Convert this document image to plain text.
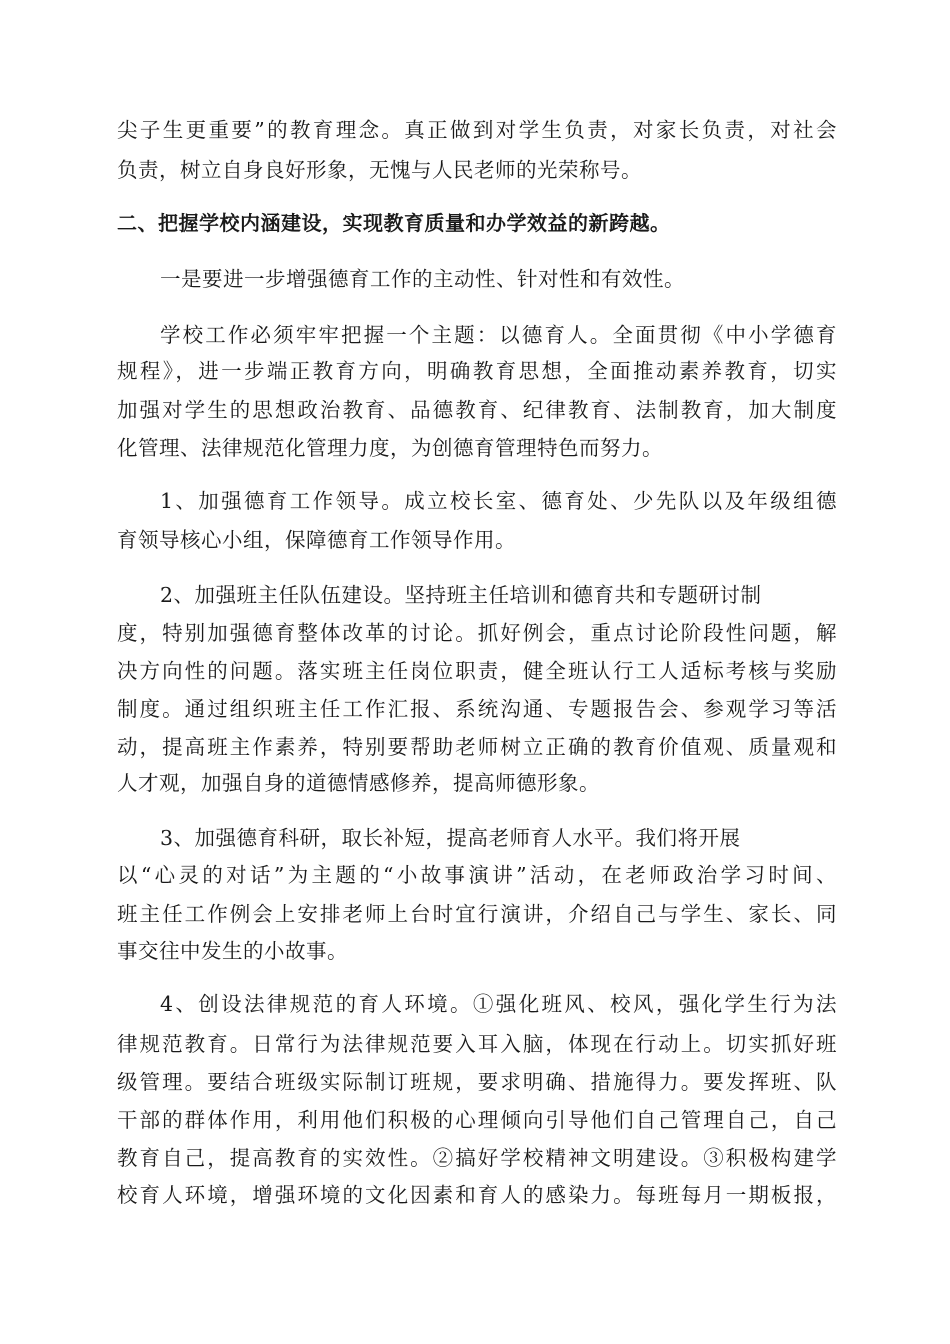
尖子生更重要”的教育理念。真正做到对学生负责，对家长负责，对社会

负责，树立自身良好形象，无愧与人民老师的光荣称号。

二、把握学校内涵建设，实现教育质量和办学效益的新跨越。

一是要进一步增强德育工作的主动性、针对性和有效性。

学校工作必须牢牢把握一个主题：以德育人。全面贯彻《中小学德育

规程》，进一步端正教育方向，明确教育思想，全面推动素养教育，切实

加强对学生的思想政治教育、品德教育、纪律教育、法制教育，加大制度

化管理、法律规范化管理力度，为创德育管理特色而努力。

1、加强德育工作领导。成立校长室、德育处、少先队以及年级组德

育领导核心小组，保障德育工作领导作用。

2、加强班主任队伍建设。坚持班主任培训和德育共和专题研讨制

度，特别加强德育整体改革的讨论。抓好例会，重点讨论阶段性问题，解

决方向性的问题。落实班主任岗位职责，健全班认行工人适标考核与奖励

制度。通过组织班主任工作汇报、系统沟通、专题报告会、参观学习等活

动，提高班主作素养，特别要帮助老师树立正确的教育价值观、质量观和

人才观，加强自身的道德情感修养，提高师德形象。

3、加强德育科研，取长补短，提高老师育人水平。我们将开展

以“心灵的对话”为主题的“小故事演讲”活动，在老师政治学习时间、

班主任工作例会上安排老师上台时宜行演讲，介绍自己与学生、家长、同

事交往中发生的小故事。

4、创设法律规范的育人环境。①强化班风、校风，强化学生行为法

律规范教育。日常行为法律规范要入耳入脑，体现在行动上。切实抓好班

级管理。要结合班级实际制订班规，要求明确、措施得力。要发挥班、队

干部的群体作用，利用他们积极的心理倾向引导他们自己管理自己，自己

教育自己，提高教育的实效性。②搞好学校精神文明建设。③积极构建学

校育人环境，增强环境的文化因素和育人的感染力。每班每月一期板报，
